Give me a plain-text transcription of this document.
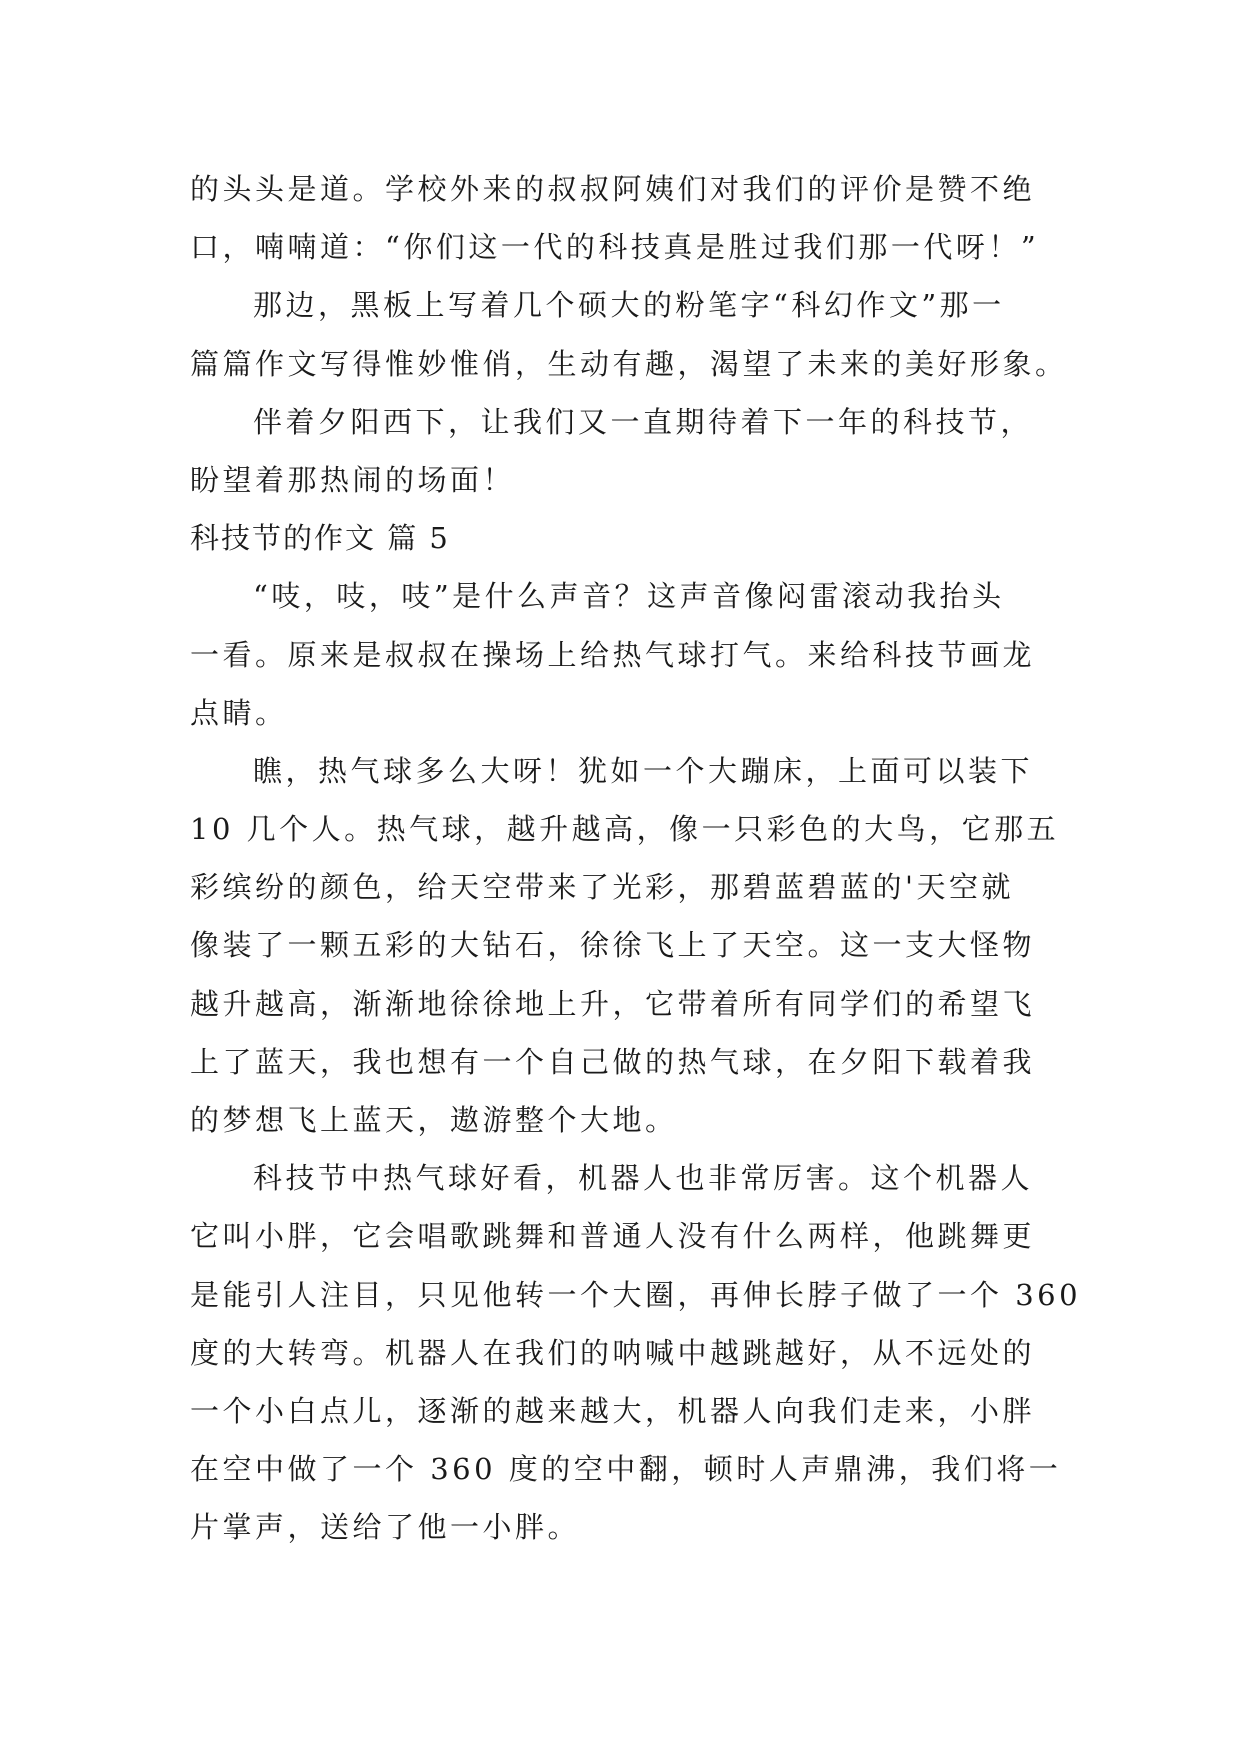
的头头是道。学校外来的叔叔阿姨们对我们的评价是赞不绝
口，喃喃道：“你们这一代的科技真是胜过我们那一代呀！”
那边，黑板上写着几个硕大的粉笔字“科幻作文”那一
篇篇作文写得惟妙惟俏，生动有趣，渴望了未来的美好形象。
伴着夕阳西下，让我们又一直期待着下一年的科技节，
盼望着那热闹的场面！
科技节的作文 篇 5
“吱，吱，吱”是什么声音？这声音像闷雷滚动我抬头
一看。原来是叔叔在操场上给热气球打气。来给科技节画龙
点睛。
瞧，热气球多么大呀！犹如一个大蹦床，上面可以装下
10 几个人。热气球，越升越高，像一只彩色的大鸟，它那五
彩缤纷的颜色，给天空带来了光彩，那碧蓝碧蓝的'天空就
像装了一颗五彩的大钻石，徐徐飞上了天空。这一支大怪物
越升越高，渐渐地徐徐地上升，它带着所有同学们的希望飞
上了蓝天，我也想有一个自己做的热气球，在夕阳下载着我
的梦想飞上蓝天，遨游整个大地。
科技节中热气球好看，机器人也非常厉害。这个机器人
它叫小胖，它会唱歌跳舞和普通人没有什么两样，他跳舞更
是能引人注目，只见他转一个大圈，再伸长脖子做了一个 360
度的大转弯。机器人在我们的呐喊中越跳越好，从不远处的
一个小白点儿，逐渐的越来越大，机器人向我们走来，小胖
在空中做了一个 360 度的空中翻，顿时人声鼎沸，我们将一
片掌声，送给了他一小胖。
